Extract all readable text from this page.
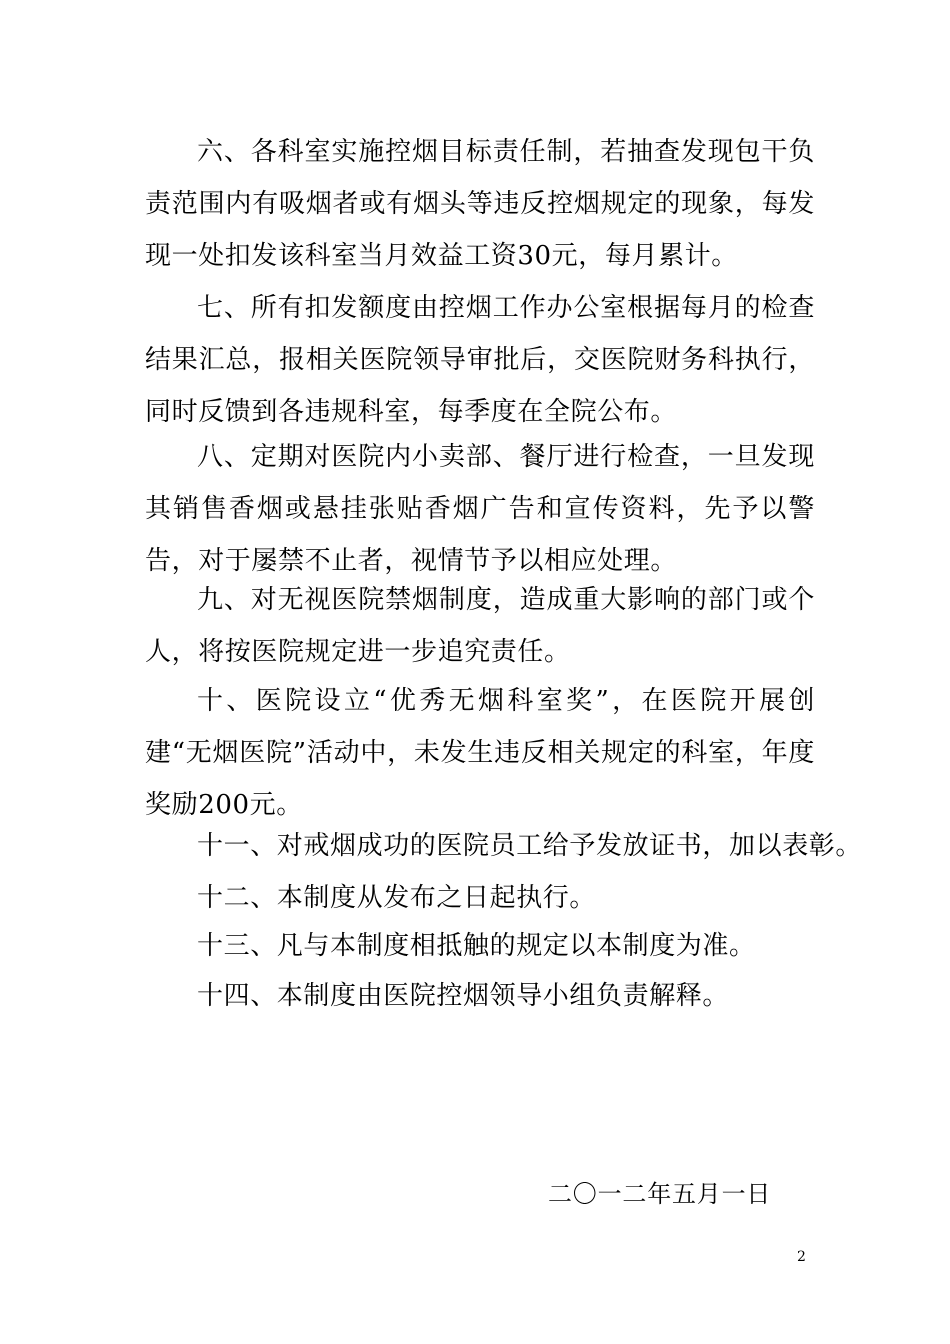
六、各科室实施控烟目标责任制，若抽查发现包干负责范围内有吸烟者或有烟头等违反控烟规定的现象，每发现一处扣发该科室当月效益工资30元，每月累计。

七、所有扣发额度由控烟工作办公室根据每月的检查结果汇总，报相关医院领导审批后，交医院财务科执行，同时反馈到各违规科室，每季度在全院公布。

八、定期对医院内小卖部、餐厅进行检查，一旦发现其销售香烟或悬挂张贴香烟广告和宣传资料，先予以警告，对于屡禁不止者，视情节予以相应处理。

九、对无视医院禁烟制度，造成重大影响的部门或个人，将按医院规定进一步追究责任。

十、医院设立“优秀无烟科室奖”，在医院开展创建“无烟医院”活动中，未发生违反相关规定的科室，年度奖励200元。

十一、对戒烟成功的医院员工给予发放证书，加以表彰。

十二、本制度从发布之日起执行。

十三、凡与本制度相抵触的规定以本制度为准。

十四、本制度由医院控烟领导小组负责解释。

二〇一二年五月一日
2
